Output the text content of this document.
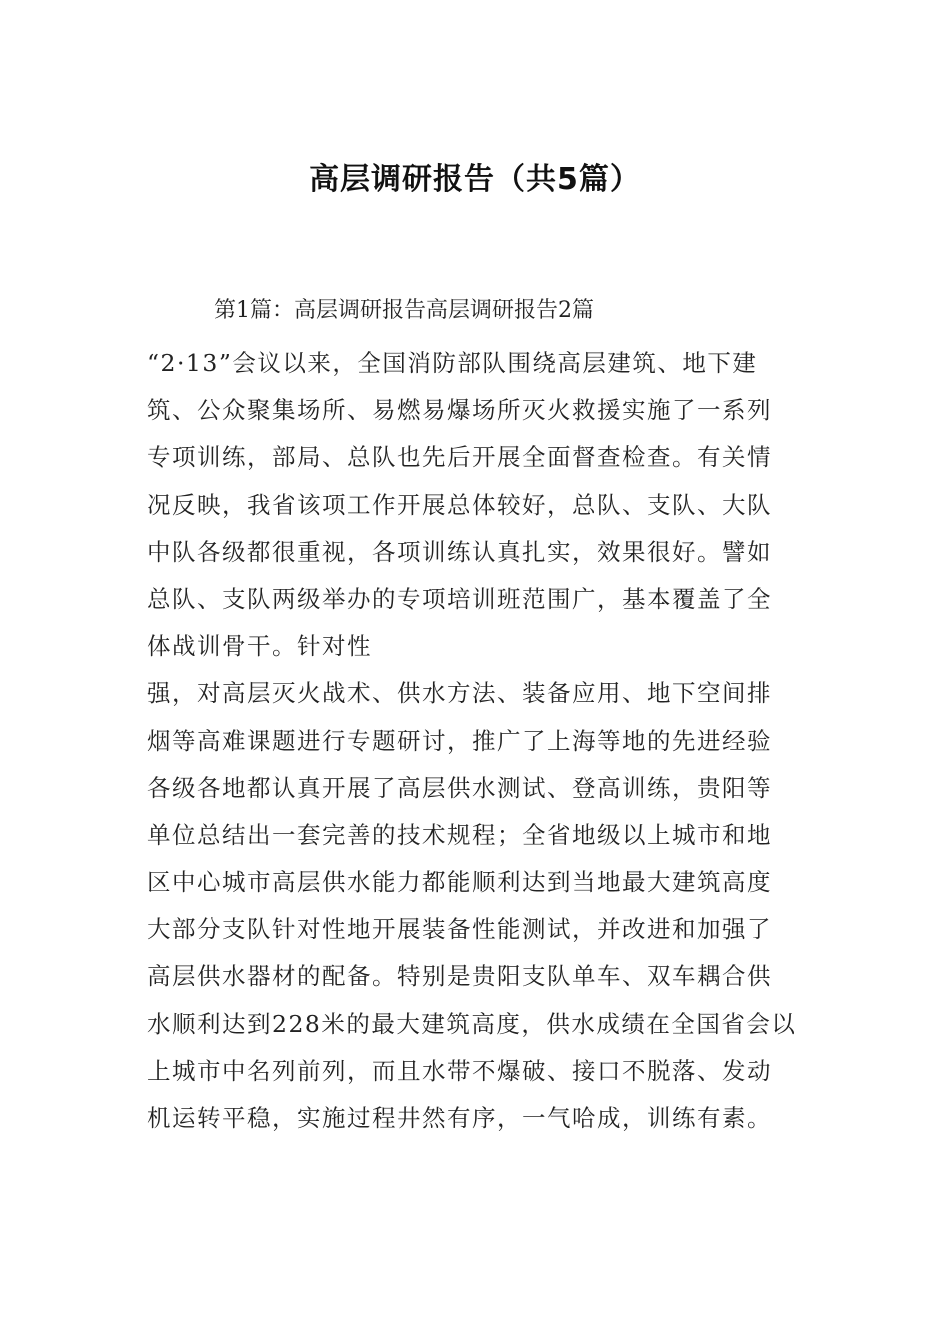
高层调研报告（共5篇）

第1篇：高层调研报告高层调研报告2篇

“2·13”会议以来，全国消防部队围绕高层建筑、地下建
筑、公众聚集场所、易燃易爆场所灭火救援实施了一系列
专项训练，部局、总队也先后开展全面督查检查。有关情
况反映，我省该项工作开展总体较好，总队、支队、大队
中队各级都很重视，各项训练认真扎实，效果很好。譬如
总队、支队两级举办的专项培训班范围广，基本覆盖了全
体战训骨干。针对性
强，对高层灭火战术、供水方法、装备应用、地下空间排
烟等高难课题进行专题研讨，推广了上海等地的先进经验
各级各地都认真开展了高层供水测试、登高训练，贵阳等
单位总结出一套完善的技术规程；全省地级以上城市和地
区中心城市高层供水能力都能顺利达到当地最大建筑高度
大部分支队针对性地开展装备性能测试，并改进和加强了
高层供水器材的配备。特别是贵阳支队单车、双车耦合供
水顺利达到228米的最大建筑高度，供水成绩在全国省会以
上城市中名列前列，而且水带不爆破、接口不脱落、发动
机运转平稳，实施过程井然有序，一气哈成，训练有素。
